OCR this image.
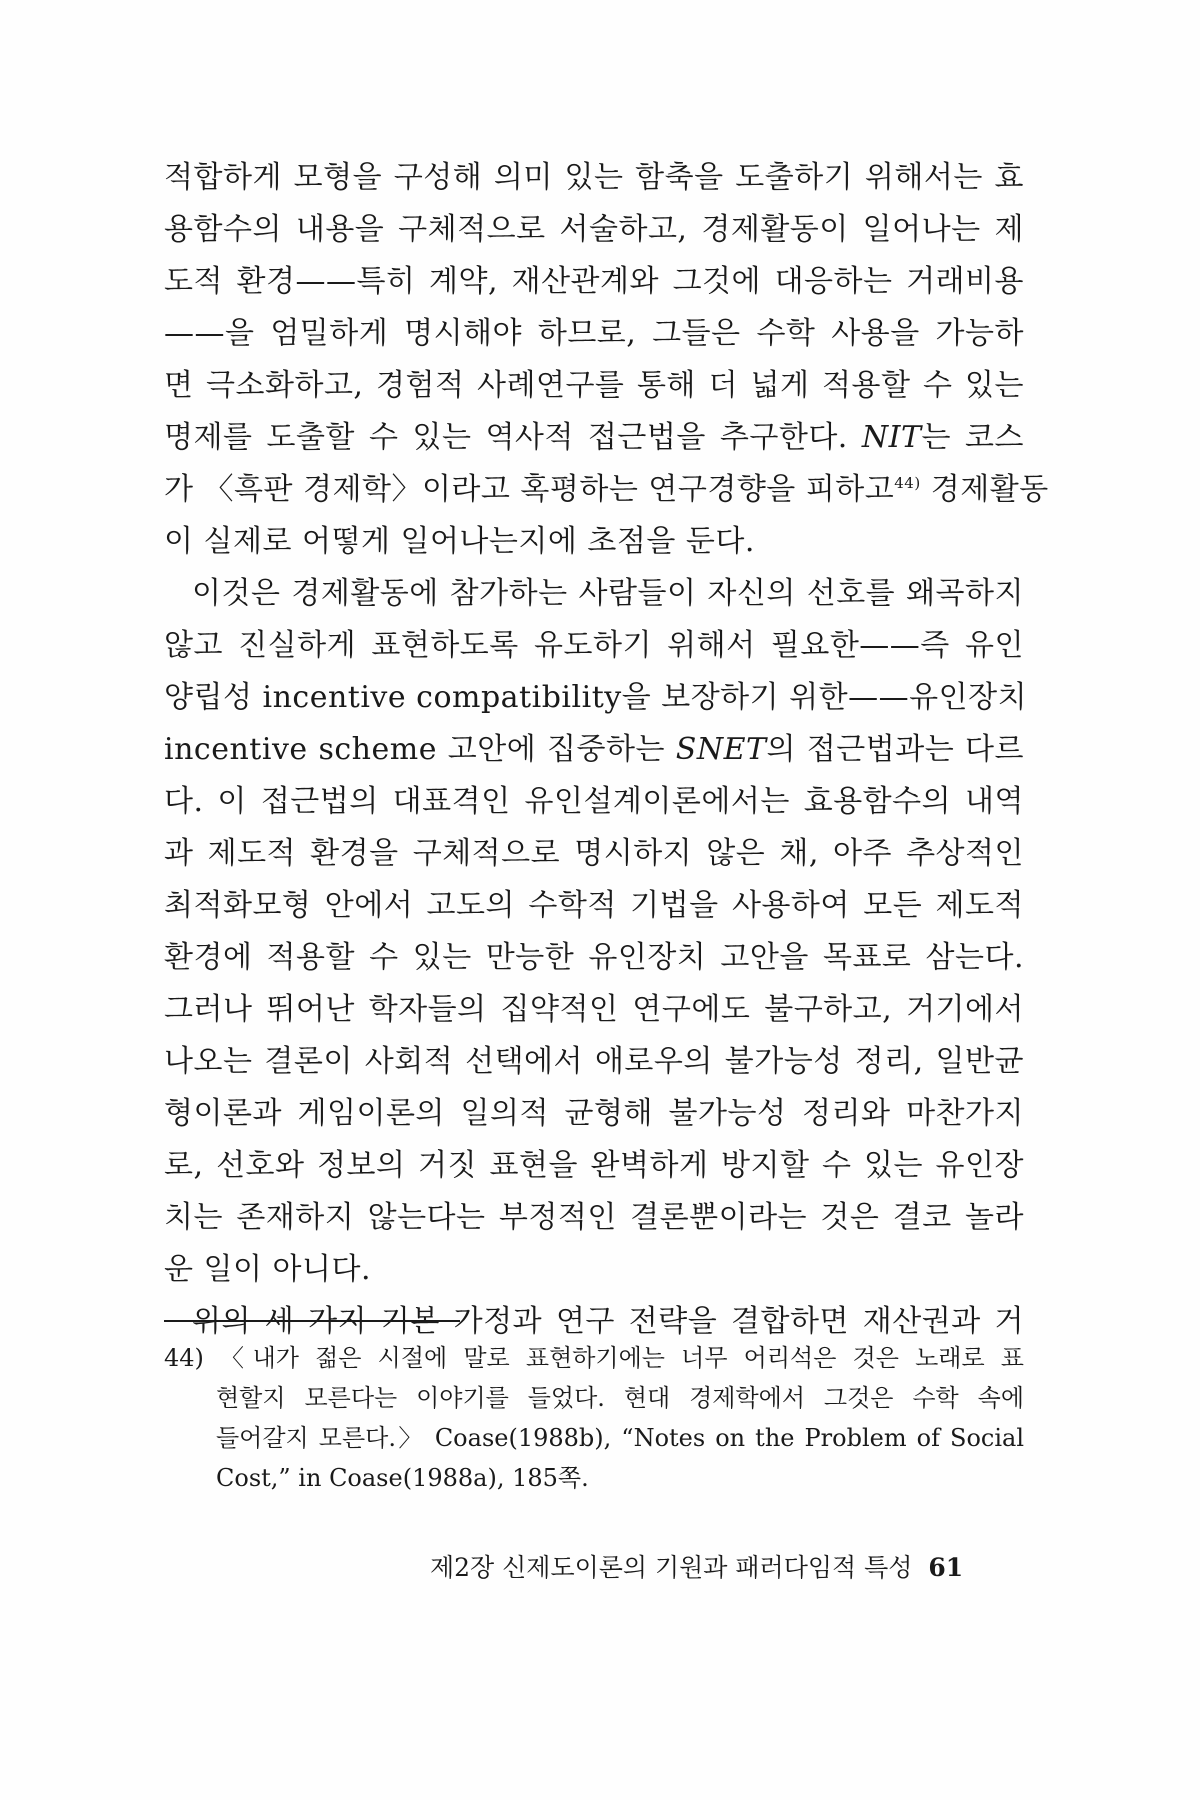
적합하게 모형을 구성해 의미 있는 함축을 도출하기 위해서는 효
용함수의 내용을 구체적으로 서술하고, 경제활동이 일어나는 제
도적 환경——특히 계약, 재산관계와 그것에 대응하는 거래비용
——을 엄밀하게 명시해야 하므로, 그들은 수학 사용을 가능하
면 극소화하고, 경험적 사례연구를 통해 더 넓게 적용할 수 있는
명제를 도출할 수 있는 역사적 접근법을 추구한다. NIT는 코스
가 〈흑판 경제학〉이라고 혹평하는 연구경향을 피하고$^{44)}$ 경제활동
이 실제로 어떻게 일어나는지에 초점을 둔다.

이것은 경제활동에 참가하는 사람들이 자신의 선호를 왜곡하지
않고 진실하게 표현하도록 유도하기 위해서 필요한——즉 유인
양립성 incentive compatibility을 보장하기 위한——유인장치
incentive scheme 고안에 집중하는 SNET의 접근법과는 다르
다. 이 접근법의 대표격인 유인설계이론에서는 효용함수의 내역
과 제도적 환경을 구체적으로 명시하지 않은 채, 아주 추상적인
최적화모형 안에서 고도의 수학적 기법을 사용하여 모든 제도적
환경에 적용할 수 있는 만능한 유인장치 고안을 목표로 삼는다.
그러나 뛰어난 학자들의 집약적인 연구에도 불구하고, 거기에서
나오는 결론이 사회적 선택에서 애로우의 불가능성 정리, 일반균
형이론과 게임이론의 일의적 균형해 불가능성 정리와 마찬가지
로, 선호와 정보의 거짓 표현을 완벽하게 방지할 수 있는 유인장
치는 존재하지 않는다는 부정적인 결론뿐이라는 것은 결코 놀라
운 일이 아니다.

위의 세 가지 기본 가정과 연구 전략을 결합하면 재산권과 거

44) 〈내가 젊은 시절에 말로 표현하기에는 너무 어리석은 것은 노래로 표
현할지 모른다는 이야기를 들었다. 현대 경제학에서 그것은 수학 속에
들어갈지 모른다.〉 Coase(1988b), “Notes on the Problem of Social
Cost,” in Coase(1988a), 185쪽.
제2장 신제도이론의 기원과 패러다임적 특성 61
